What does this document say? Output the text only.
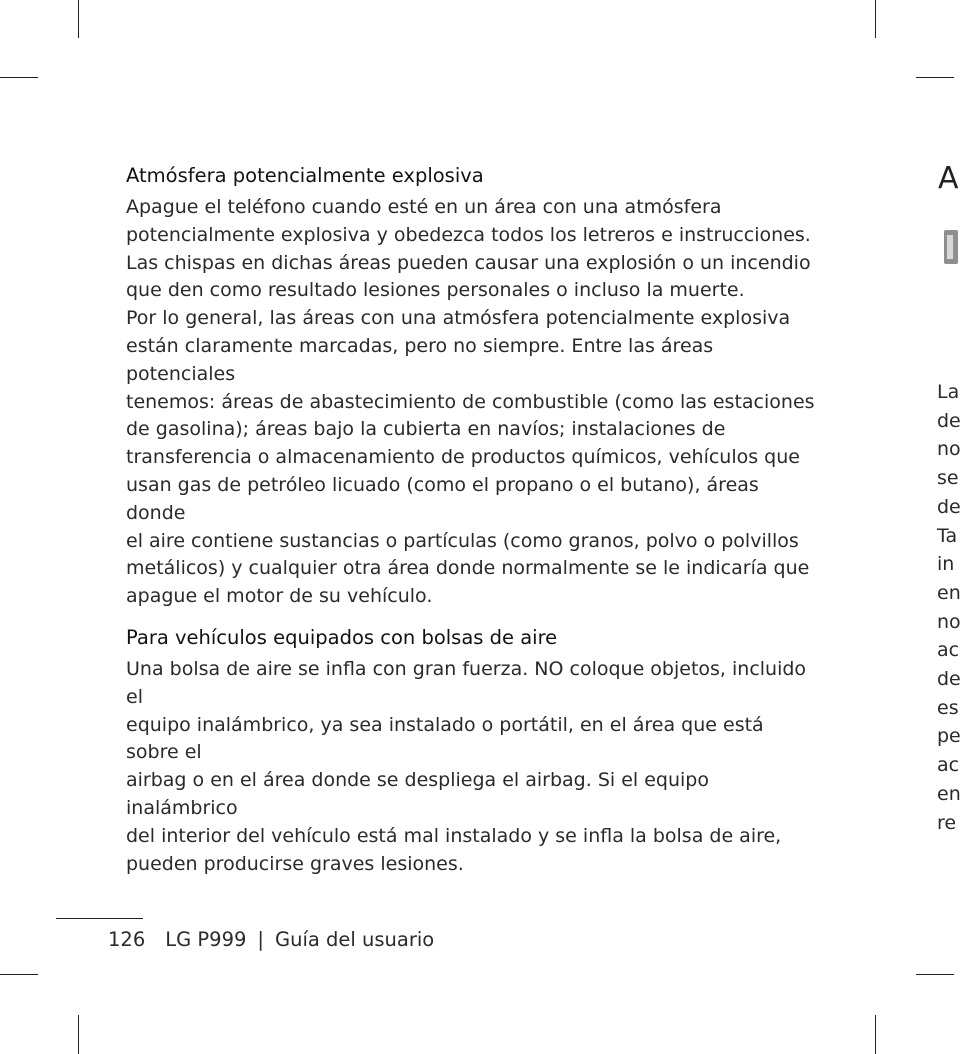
Atmósfera potencialmente explosiva
Apague el teléfono cuando esté en un área con una atmósfera
potencialmente explosiva y obedezca todos los letreros e instrucciones.
Las chispas en dichas áreas pueden causar una explosión o un incendio
que den como resultado lesiones personales o incluso la muerte.
Por lo general, las áreas con una atmósfera potencialmente explosiva
están claramente marcadas, pero no siempre. Entre las áreas potenciales
tenemos: áreas de abastecimiento de combustible (como las estaciones
de gasolina); áreas bajo la cubierta en navíos; instalaciones de
transferencia o almacenamiento de productos químicos, vehículos que
usan gas de petróleo licuado (como el propano o el butano), áreas donde
el aire contiene sustancias o partículas (como granos, polvo o polvillos
metálicos) y cualquier otra área donde normalmente se le indicaría que
apague el motor de su vehículo.
Para vehículos equipados con bolsas de aire
Una bolsa de aire se infla con gran fuerza. NO coloque objetos, incluido el
equipo inalámbrico, ya sea instalado o portátil, en el área que está sobre el
airbag o en el área donde se despliega el airbag. Si el equipo inalámbrico
del interior del vehículo está mal instalado y se infla la bolsa de aire,
pueden producirse graves lesiones.
126 LG P999 | Guía del usuario
A
La
de
no
se
de
Ta
in
en
no
ac
de
es
pe
ac
en
re
